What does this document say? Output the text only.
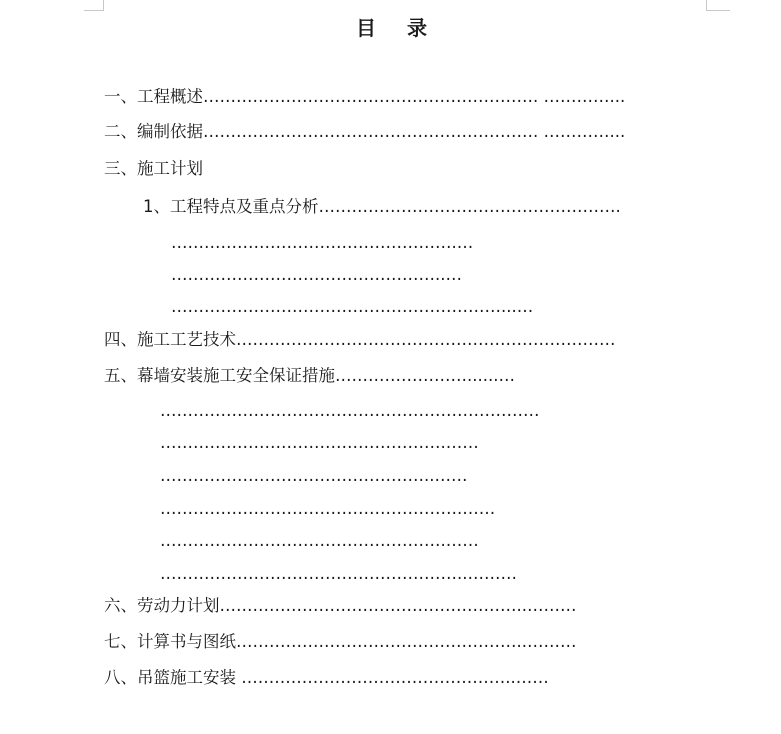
目 录
一、工程概述……………………………………………………. …………...
二、编制依据……………………………………………………. …………...
三、施工计划
1、工程特点及重点分析……………………………………………….
…………………………………………….…
…………………………………………..…
……………………………………………………...…
四、施工工艺技术……………………………………………………………
五、幕墙安装施工安全保证措施……………………......…
……………………………………………………………
…………………………………………….……
…………………………………………..……
……………………………………………….……
…………………………………………….……
………………………………………………..………
六、劳动力计划………………………………………………..………
七、计算书与图纸……………………………………………..………
八、吊篮施工安装 …………………………………………..……
